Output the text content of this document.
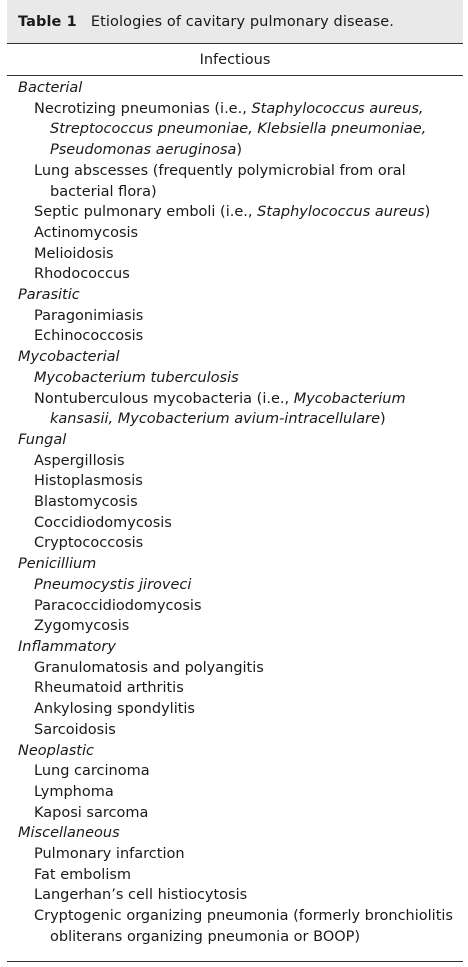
Table 1 Etiologies of cavitary pulmonary disease.
Infectious
Bacterial
Necrotizing pneumonias (i.e., Staphylococcus aureus,
Streptococcus pneumoniae, Klebsiella pneumoniae,
Pseudomonas aeruginosa)
Lung abscesses (frequently polymicrobial from oral
bacterial flora)
Septic pulmonary emboli (i.e., Staphylococcus aureus)
Actinomycosis
Melioidosis
Rhodococcus
Parasitic
Paragonimiasis
Echinococcosis
Mycobacterial
Mycobacterium tuberculosis
Nontuberculous mycobacteria (i.e., Mycobacterium
kansasii, Mycobacterium avium-intracellulare)
Fungal
Aspergillosis
Histoplasmosis
Blastomycosis
Coccidiodomycosis
Cryptococcosis
Penicillium
Pneumocystis jiroveci
Paracoccidiodomycosis
Zygomycosis
Inflammatory
Granulomatosis and polyangitis
Rheumatoid arthritis
Ankylosing spondylitis
Sarcoidosis
Neoplastic
Lung carcinoma
Lymphoma
Kaposi sarcoma
Miscellaneous
Pulmonary infarction
Fat embolism
Langerhan’s cell histiocytosis
Cryptogenic organizing pneumonia (formerly bronchiolitis
obliterans organizing pneumonia or BOOP)
